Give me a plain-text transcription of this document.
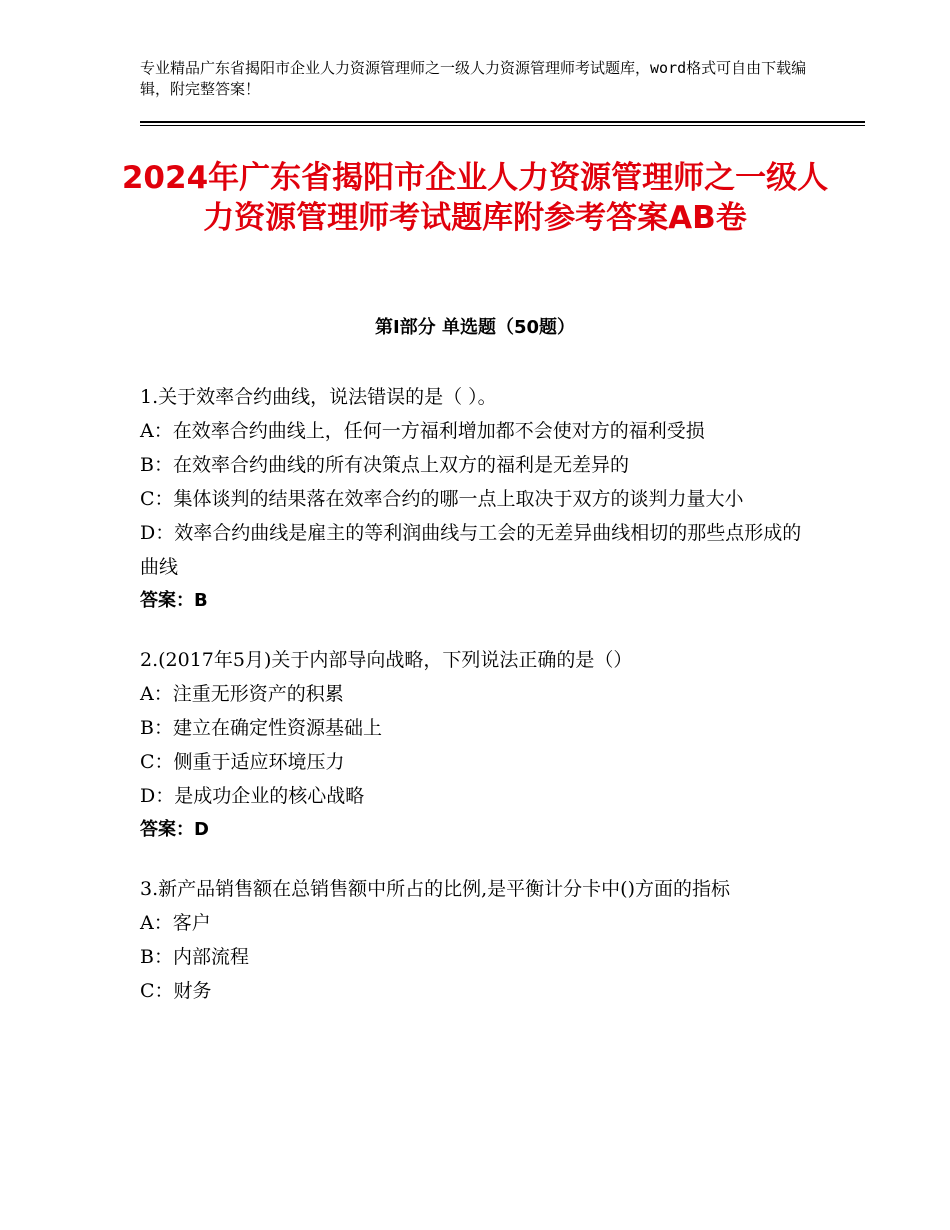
专业精品广东省揭阳市企业人力资源管理师之一级人力资源管理师考试题库，word格式可自由下载编辑，附完整答案！
2024年广东省揭阳市企业人力资源管理师之一级人力资源管理师考试题库附参考答案AB卷
第Ⅰ部分 单选题（50题）
1.关于效率合约曲线，说法错误的是（ ）。
A：在效率合约曲线上，任何一方福利增加都不会使对方的福利受损
B：在效率合约曲线的所有决策点上双方的福利是无差异的
C：集体谈判的结果落在效率合约的哪一点上取决于双方的谈判力量大小
D：效率合约曲线是雇主的等利润曲线与工会的无差异曲线相切的那些点形成的曲线
答案：B
2.(2017年5月)关于内部导向战略，下列说法正确的是（）
A：注重无形资产的积累
B：建立在确定性资源基础上
C：侧重于适应环境压力
D：是成功企业的核心战略
答案：D
3.新产品销售额在总销售额中所占的比例,是平衡计分卡中()方面的指标
A：客户
B：内部流程
C：财务
